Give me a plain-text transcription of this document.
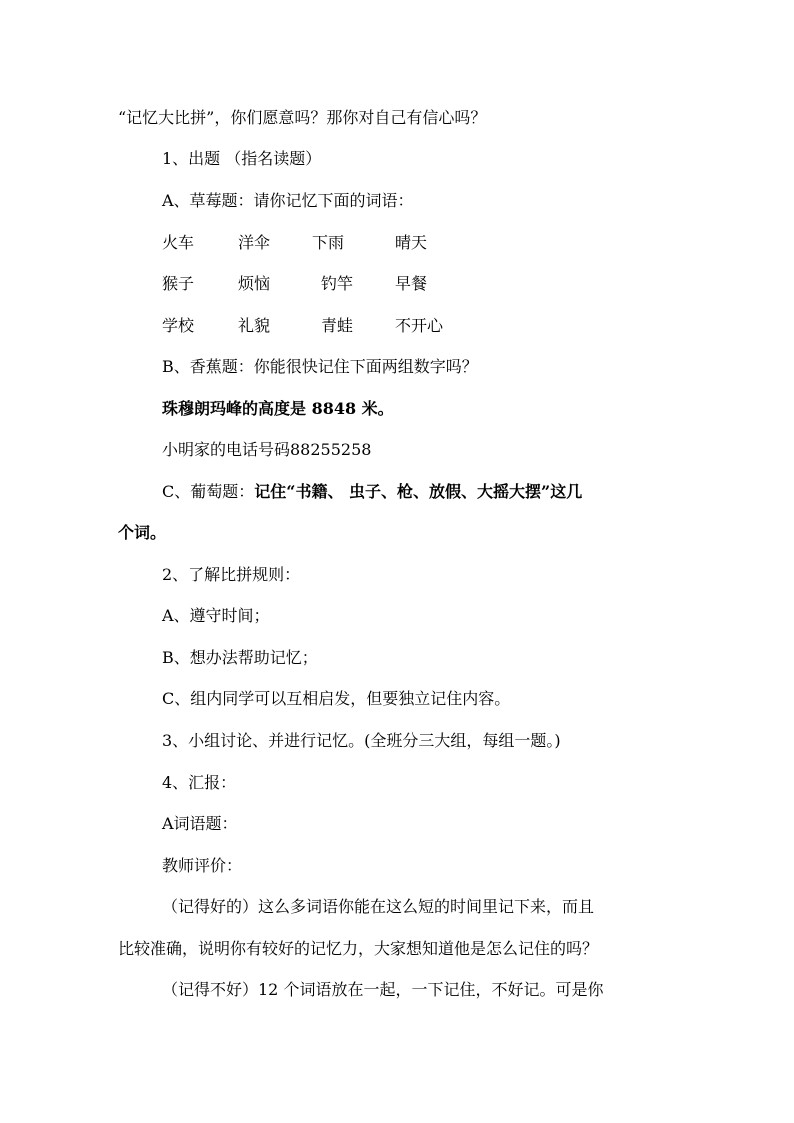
“记忆大比拼”，你们愿意吗？那你对自己有信心吗？
1、出题 （指名读题）
A、草莓题：请你记忆下面的词语：
火车	洋伞	下雨	晴天
猴子	烦恼	钓竿	早餐
学校	礼貌	青蛙	不开心
B、香蕉题：你能很快记住下面两组数字吗？
珠穆朗玛峰的高度是 8848 米。
小明家的电话号码88255258
C、葡萄题：记住“书籍、 虫子、枪、放假、大摇大摆”这几
个词。
2、了解比拼规则：
A、遵守时间；
B、想办法帮助记忆；
C、组内同学可以互相启发，但要独立记住内容。
3、小组讨论、并进行记忆。(全班分三大组，每组一题。)
4、汇报：
A词语题：
教师评价：
（记得好的）这么多词语你能在这么短的时间里记下来，而且
比较准确，说明你有较好的记忆力，大家想知道他是怎么记住的吗？
（记得不好）12 个词语放在一起，一下记住，不好记。可是你
